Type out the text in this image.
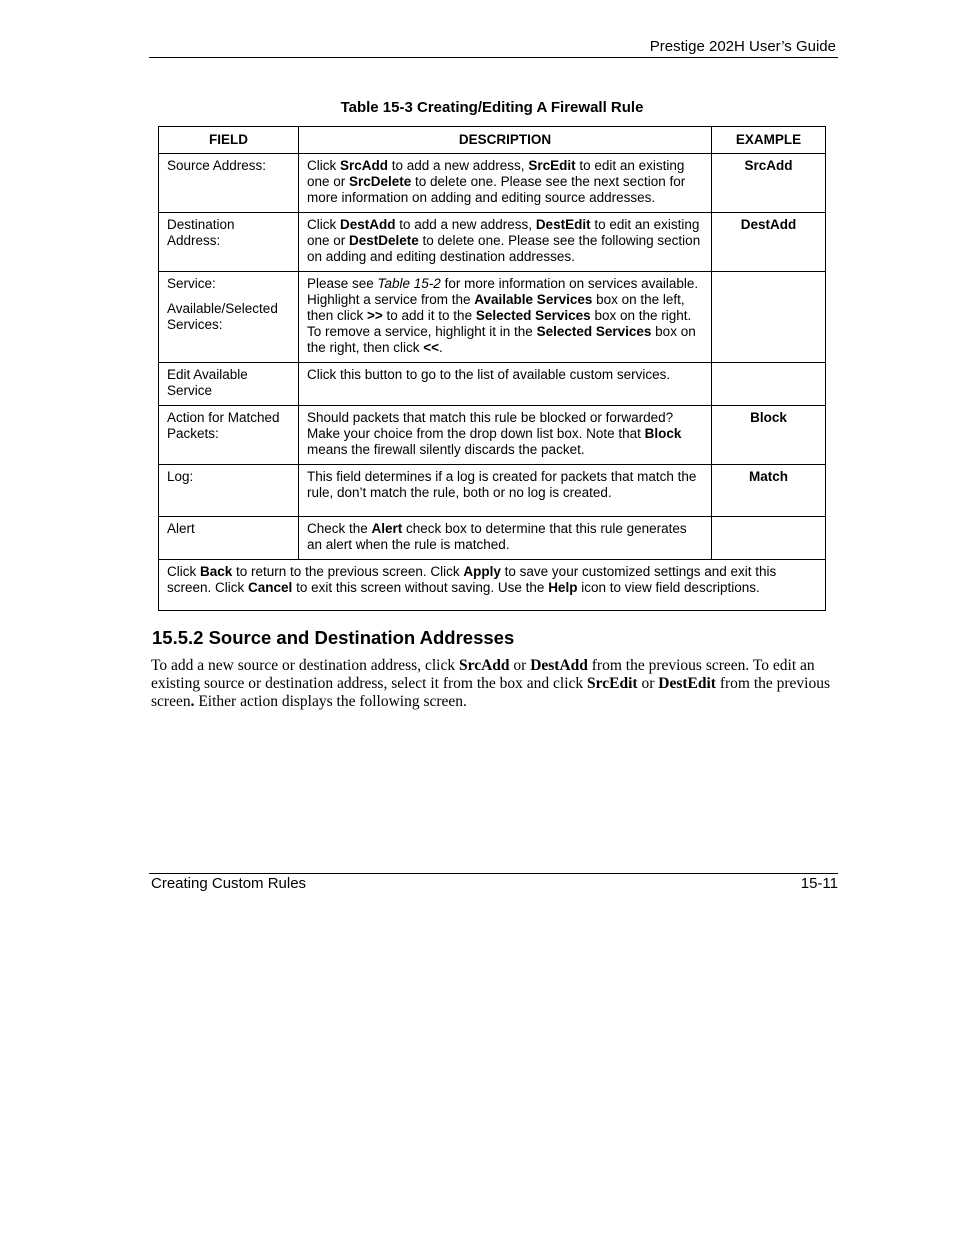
Prestige 202H User’s Guide
Table 15-3 Creating/Editing A Firewall Rule
FIELD	DESCRIPTION	EXAMPLE

Source Address:	Click SrcAdd to add a new address, SrcEdit to edit an existing one or SrcDelete to delete one. Please see the next section for more information on adding and editing source addresses.	SrcAdd

Destination Address:	Click DestAdd to add a new address, DestEdit to edit an existing one or DestDelete to delete one. Please see the following section on adding and editing destination addresses.	DestAdd

Service:

Available/Selected Services:	Please see Table 15-2 for more information on services available. Highlight a service from the Available Services box on the left, then click >> to add it to the Selected Services box on the right. To remove a service, highlight it in the Selected Services box on the right, then click <<.	

Edit Available Service	Click this button to go to the list of available custom services.	

Action for Matched Packets:	Should packets that match this rule be blocked or forwarded? Make your choice from the drop down list box. Note that Block means the firewall silently discards the packet.	Block

Log:	This field determines if a log is created for packets that match the rule, don’t match the rule, both or no log is created.	Match

Alert	Check the Alert check box to determine that this rule generates an alert when the rule is matched.	
Click Back to return to the previous screen. Click Apply to save your customized settings and exit this screen. Click Cancel to exit this screen without saving. Use the Help icon to view field descriptions.		
15.5.2 Source and Destination Addresses
To add a new source or destination address, click SrcAdd or DestAdd from the previous screen. To edit an existing source or destination address, select it from the box and click SrcEdit or DestEdit from the previous screen. Either action displays the following screen.
Creating Custom Rules	15-11
